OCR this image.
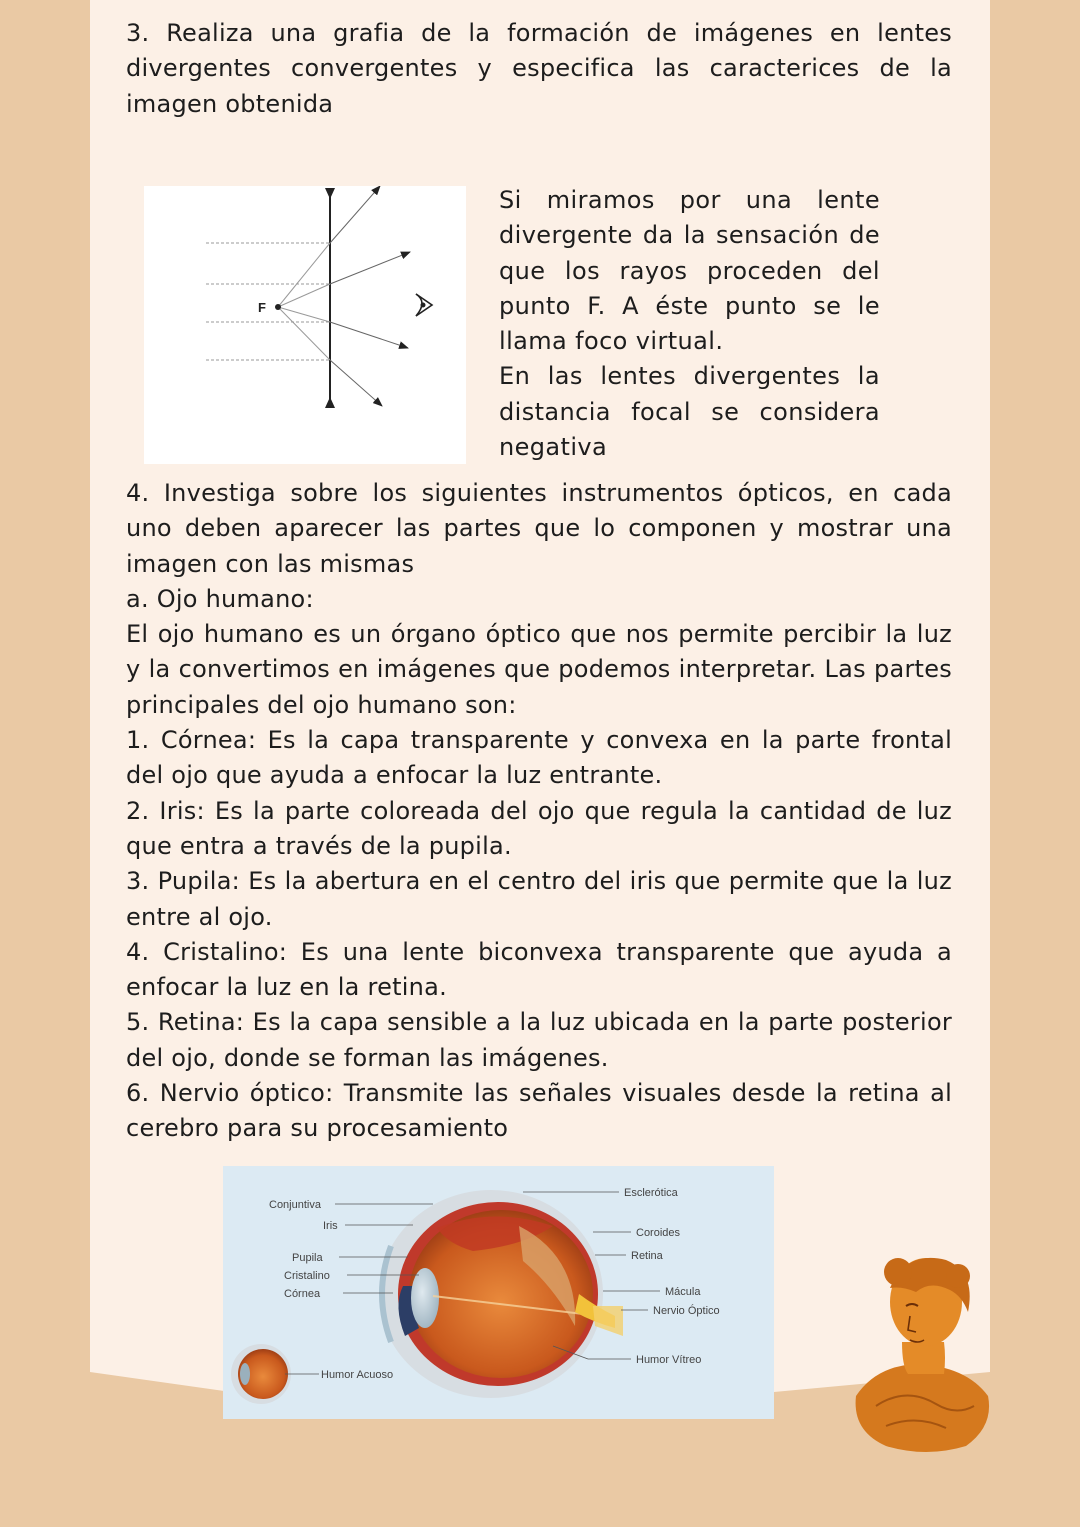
3. Realiza una grafia de la formación de imágenes en lentes divergentes convergentes y especifica las caracterices de la imagen obtenida

F

Si miramos por una lente divergente da la sensación de que los rayos proceden del punto F. A éste punto se le llama foco virtual.

En las lentes divergentes la distancia focal se considera negativa

4. Investiga sobre los siguientes instrumentos ópticos, en cada uno deben aparecer las partes que lo componen y mostrar una imagen con las mismas

a. Ojo humano:

El ojo humano es un órgano óptico que nos permite percibir la luz y la convertimos en imágenes que podemos interpretar. Las partes principales del ojo humano son:

1. Córnea: Es la capa transparente y convexa en la parte frontal del ojo que ayuda a enfocar la luz entrante.

2. Iris: Es la parte coloreada del ojo que regula la cantidad de luz que entra a través de la pupila.

3. Pupila: Es la abertura en el centro del iris que permite que la luz entre al ojo.

4. Cristalino: Es una lente biconvexa transparente que ayuda a enfocar la luz en la retina.

5. Retina: Es la capa sensible a la luz ubicada en la parte posterior del ojo, donde se forman las imágenes.

6. Nervio óptico: Transmite las señales visuales desde la retina al cerebro para su procesamiento

Conjuntiva
Iris
Pupila
Cristalino
Córnea
Humor Acuoso
Esclerótica
Coroides
Retina
Mácula
Nervio Óptico
Humor Vítreo
